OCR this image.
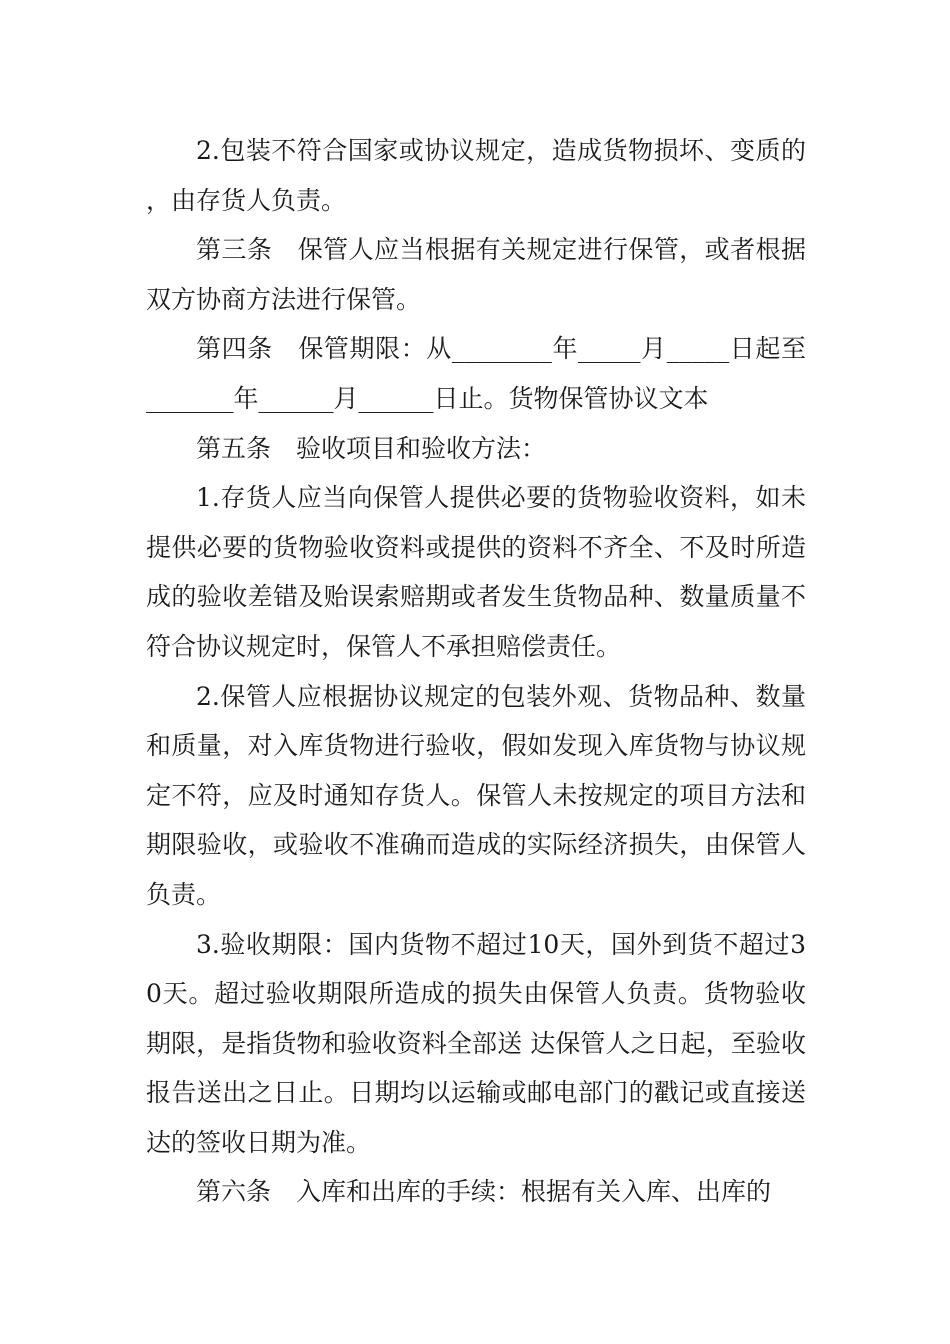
2.包装不符合国家或协议规定，造成货物损坏、变质的，由存货人负责。

第三条　保管人应当根据有关规定进行保管，或者根据双方协商方法进行保管。

第四条　保管期限：从________年_____月_____日起至_______年______月______日止。货物保管协议文本

第五条　验收项目和验收方法：

1.存货人应当向保管人提供必要的货物验收资料，如未提供必要的货物验收资料或提供的资料不齐全、不及时所造成的验收差错及贻误索赔期或者发生货物品种、数量质量不符合协议规定时，保管人不承担赔偿责任。

2.保管人应根据协议规定的包装外观、货物品种、数量和质量，对入库货物进行验收，假如发现入库货物与协议规定不符，应及时通知存货人。保管人未按规定的项目方法和期限验收，或验收不准确而造成的实际经济损失，由保管人负责。

3.验收期限：国内货物不超过10天，国外到货不超过30天。超过验收期限所造成的损失由保管人负责。货物验收期限，是指货物和验收资料全部送 达保管人之日起，至验收报告送出之日止。日期均以运输或邮电部门的戳记或直接送达的签收日期为准。

第六条　入库和出库的手续：根据有关入库、出库的
